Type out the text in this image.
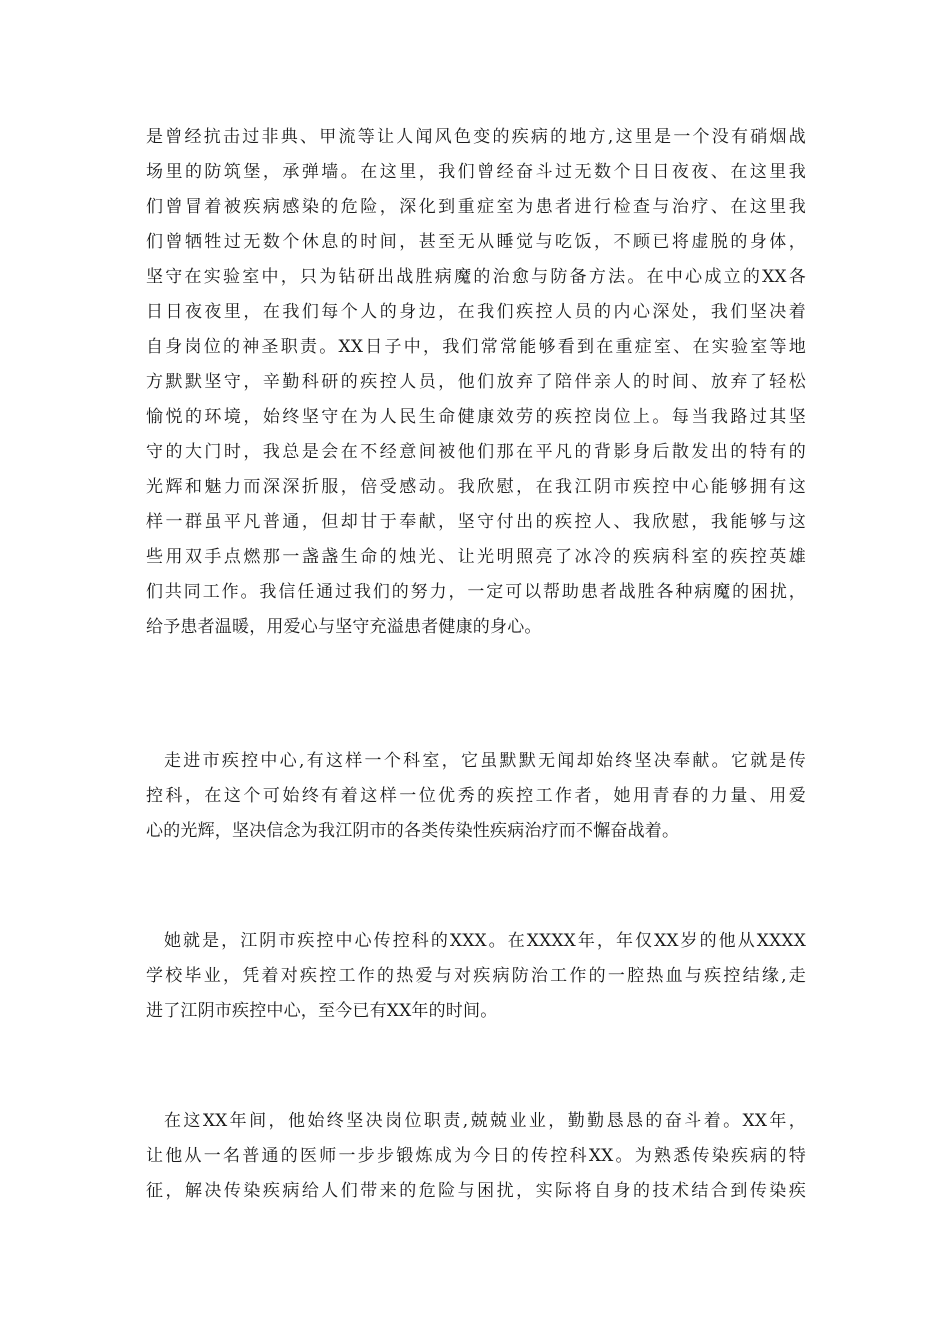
是曾经抗击过非典、甲流等让人闻风色变的疾病的地方,这里是一个没有硝烟战
场里的防筑堡，承弹墙。在这里，我们曾经奋斗过无数个日日夜夜、在这里我
们曾冒着被疾病感染的危险，深化到重症室为患者进行检查与治疗、在这里我
们曾牺牲过无数个休息的时间，甚至无从睡觉与吃饭，不顾已将虚脱的身体，
坚守在实验室中，只为钻研出战胜病魔的治愈与防备方法。在中心成立的XX各
日日夜夜里，在我们每个人的身边，在我们疾控人员的内心深处，我们坚决着
自身岗位的神圣职责。XX日子中，我们常常能够看到在重症室、在实验室等地
方默默坚守，辛勤科研的疾控人员，他们放弃了陪伴亲人的时间、放弃了轻松
愉悦的环境，始终坚守在为人民生命健康效劳的疾控岗位上。每当我路过其坚
守的大门时，我总是会在不经意间被他们那在平凡的背影身后散发出的特有的
光辉和魅力而深深折服，倍受感动。我欣慰，在我江阴市疾控中心能够拥有这
样一群虽平凡普通，但却甘于奉献，坚守付出的疾控人、我欣慰，我能够与这
些用双手点燃那一盏盏生命的烛光、让光明照亮了冰冷的疾病科室的疾控英雄
们共同工作。我信任通过我们的努力，一定可以帮助患者战胜各种病魔的困扰，
给予患者温暖，用爱心与坚守充溢患者健康的身心。

走进市疾控中心,有这样一个科室，它虽默默无闻却始终坚决奉献。它就是传
控科，在这个可始终有着这样一位优秀的疾控工作者，她用青春的力量、用爱
心的光辉，坚决信念为我江阴市的各类传染性疾病治疗而不懈奋战着。

她就是，江阴市疾控中心传控科的XXX。在XXXX年，年仅XX岁的他从XXXX
学校毕业，凭着对疾控工作的热爱与对疾病防治工作的一腔热血与疾控结缘,走
进了江阴市疾控中心，至今已有XX年的时间。

在这XX年间，他始终坚决岗位职责,兢兢业业，勤勤恳恳的奋斗着。XX年，
让他从一名普通的医师一步步锻炼成为今日的传控科XX。为熟悉传染疾病的特
征，解决传染疾病给人们带来的危险与困扰，实际将自身的技术结合到传染疾
